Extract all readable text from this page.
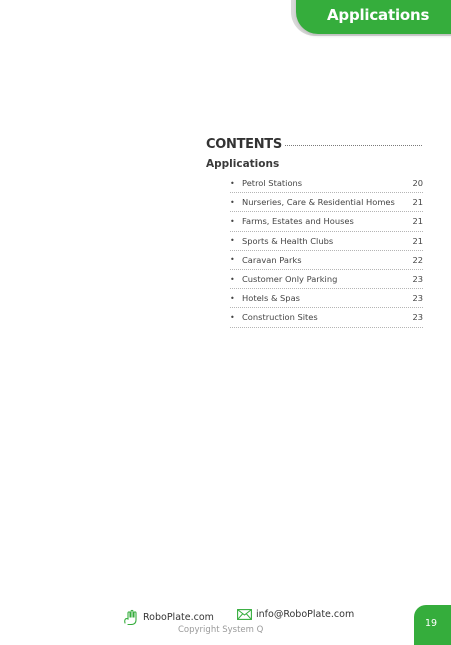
Applications
CONTENTS
Applications
• Petrol Stations	20
• Nurseries, Care & Residential Homes	21
• Farms, Estates and Houses	21
• Sports & Health Clubs	21
• Caravan Parks	22
• Customer Only Parking	23
• Hotels & Spas	23
• Construction Sites	23
RoboPlate.com	info@RoboPlate.com
Copyright System Q
19
